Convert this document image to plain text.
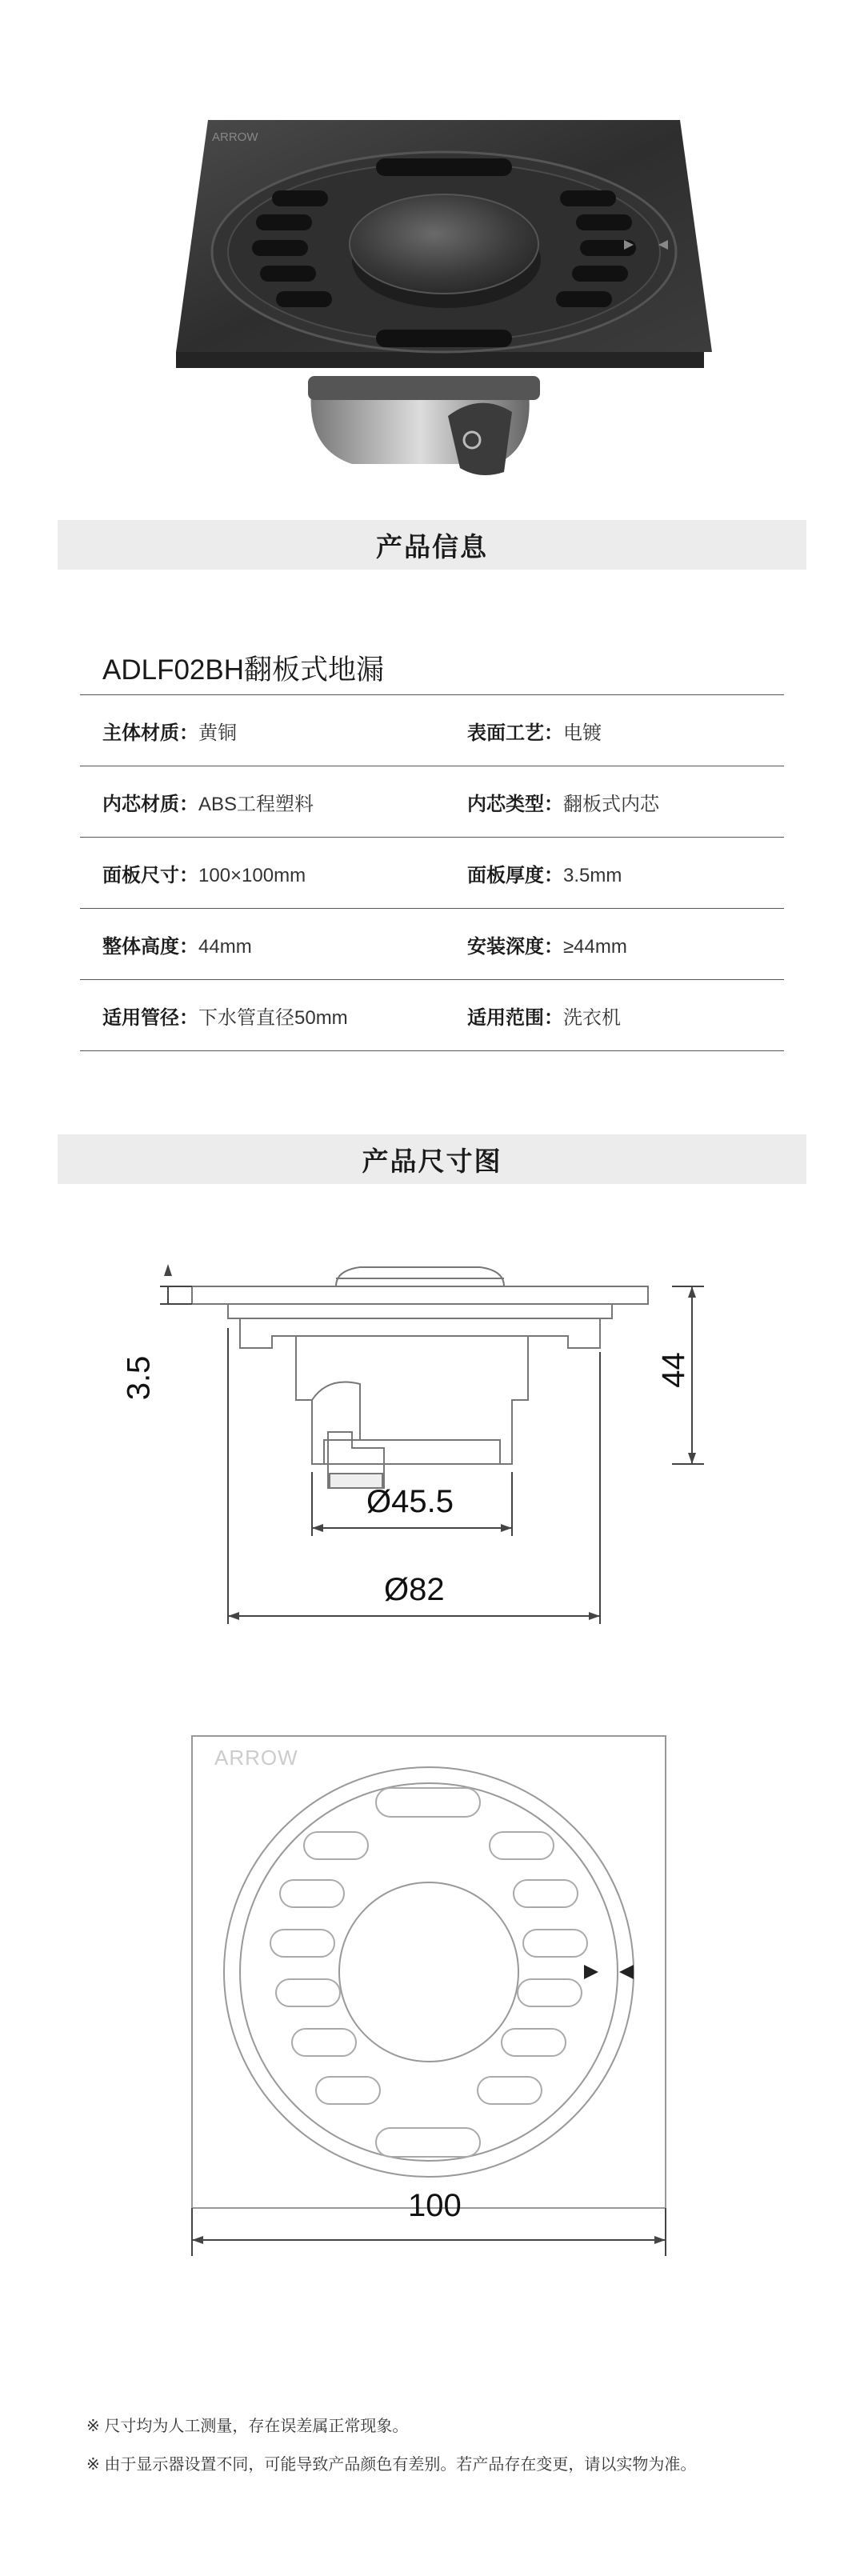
ARROW
产品信息
ADLF02BH翻板式地漏
主体材质：黄铜	表面工艺：电镀
内芯材质：ABS工程塑料	内芯类型：翻板式内芯
面板尺寸：100×100mm	面板厚度：3.5mm
整体高度：44mm	安装深度：≥44mm
适用管径：下水管直径50mm	适用范围：洗衣机
产品尺寸图
3.5	44
Ø45.5
Ø82
ARROW
100
※ 尺寸均为人工测量，存在误差属正常现象。
※ 由于显示器设置不同，可能导致产品颜色有差别。若产品存在变更，请以实物为准。
